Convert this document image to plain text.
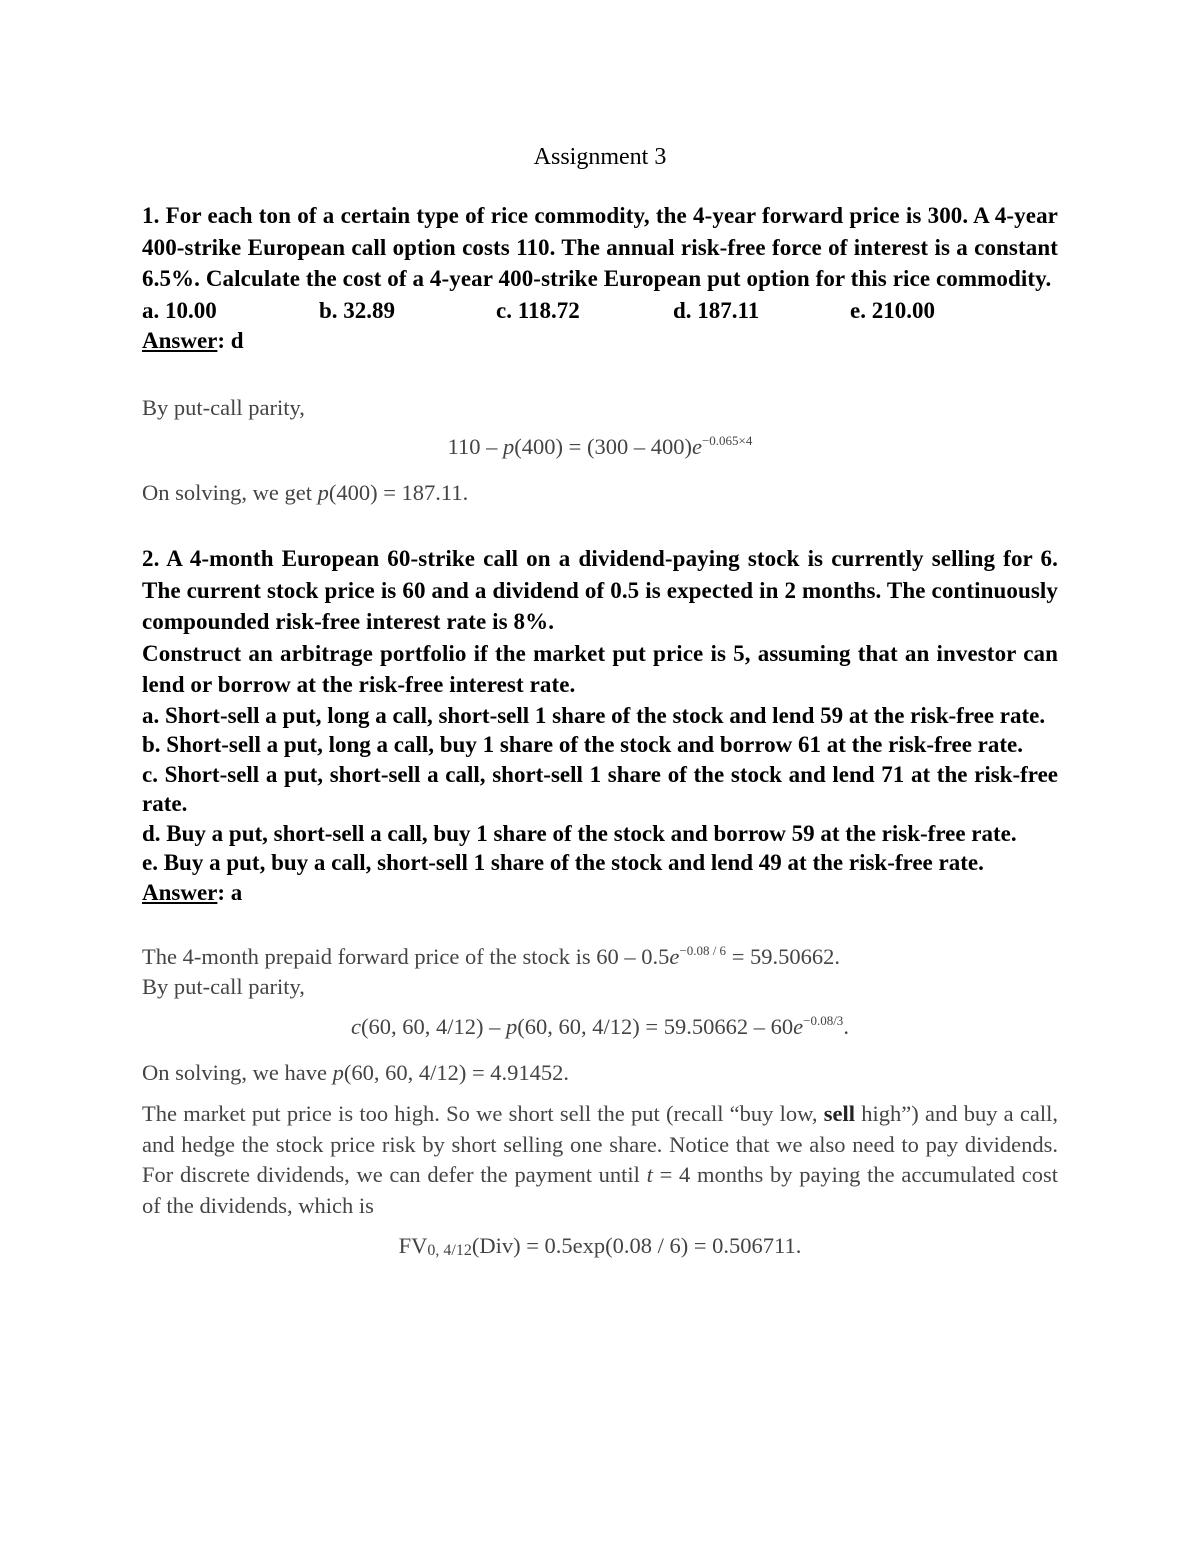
Assignment 3

1. For each ton of a certain type of rice commodity, the 4-year forward price is 300. A 4-year 400-strike European call option costs 110. The annual risk-free force of interest is a constant 6.5%. Calculate the cost of a 4-year 400-strike European put option for this rice commodity.

a. 10.00	b. 32.89	c. 118.72	d. 187.11	e. 210.00
Answer: d

By put-call parity,

$110 - p(400) = (300 - 400)e^{-0.065\times 4}$
On solving, we get p(400) = 187.11.

2. A 4-month European 60-strike call on a dividend-paying stock is currently selling for 6. The current stock price is 60 and a dividend of 0.5 is expected in 2 months. The continuously compounded risk-free interest rate is 8%.

Construct an arbitrage portfolio if the market put price is 5, assuming that an investor can lend or borrow at the risk-free interest rate.

a. Short-sell a put, long a call, short-sell 1 share of the stock and lend 59 at the risk-free rate.

b. Short-sell a put, long a call, buy 1 share of the stock and borrow 61 at the risk-free rate.

c. Short-sell a put, short-sell a call, short-sell 1 share of the stock and lend 71 at the risk-free rate.

d. Buy a put, short-sell a call, buy 1 share of the stock and borrow 59 at the risk-free rate.

e. Buy a put, buy a call, short-sell 1 share of the stock and lend 49 at the risk-free rate.

Answer: a

The 4-month prepaid forward price of the stock is $60 - 0.5e^{-0.08 / 6} = 59.50662$.

By put-call parity,

c(60, 60, 4/12) – p(60, 60, $4/12) = 59.50662 - 60e^{-0.08/3}$.
On solving, we have p(60, 60, 4/12) = 4.91452.
The market put price is too high. So we short sell the put (recall “buy low, sell high”) and buy a call, and hedge the stock price risk by short selling one share. Notice that we also need to pay dividends. For discrete dividends, we can defer the payment until t = 4 months by paying the accumulated cost of the dividends, which is
$FV_{0, 4/12}(Div) = 0.5\exp(0.08 / 6) = 0.506711$.
